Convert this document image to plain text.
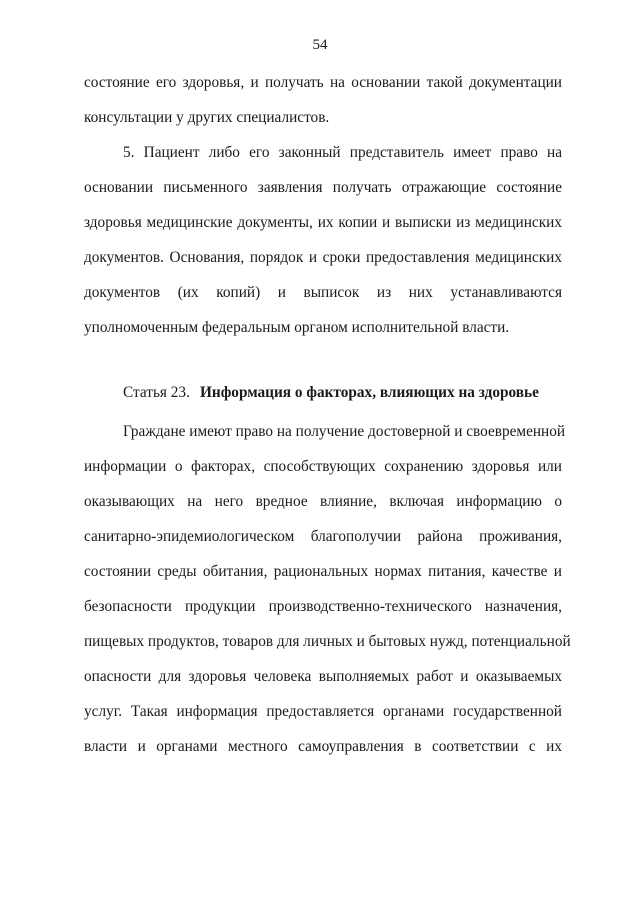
54
состояние его здоровья, и получать на основании такой документации
консультации у других специалистов.
5. Пациент либо его законный представитель имеет право на
основании письменного заявления получать отражающие состояние
здоровья медицинские документы, их копии и выписки из медицинских
документов. Основания, порядок и сроки предоставления медицинских
документов (их копий) и выписок из них устанавливаются
уполномоченным федеральным органом исполнительной власти.
Статья 23. Информация о факторах, влияющих на здоровье
Граждане имеют право на получение достоверной и своевременной
информации о факторах, способствующих сохранению здоровья или
оказывающих на него вредное влияние, включая информацию о
санитарно-эпидемиологическом благополучии района проживания,
состоянии среды обитания, рациональных нормах питания, качестве и
безопасности продукции производственно-технического назначения,
пищевых продуктов, товаров для личных и бытовых нужд, потенциальной
опасности для здоровья человека выполняемых работ и оказываемых
услуг. Такая информация предоставляется органами государственной
власти и органами местного самоуправления в соответствии с их
